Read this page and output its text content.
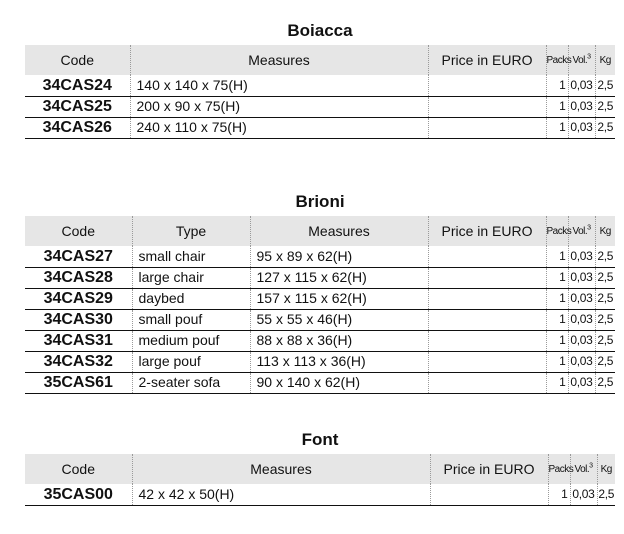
Boiacca
Code	Measures	Price in EURO	Packs	Vol.$^3$	Kg
34CAS24	140 x 140 x 75(H)		1	0,03	2,5
34CAS25	200 x 90 x 75(H)		1	0,03	2,5
34CAS26	240 x 110 x 75(H)		1	0,03	2,5
Brioni
Code	Type	Measures	Price in EURO	Packs	Vol.$^3$	Kg
34CAS27	small chair	95 x 89 x 62(H)		1	0,03	2,5
34CAS28	large chair	127 x 115 x 62(H)		1	0,03	2,5
34CAS29	daybed	157 x 115 x 62(H)		1	0,03	2,5
34CAS30	small pouf	55 x 55 x 46(H)		1	0,03	2,5
34CAS31	medium pouf	88 x 88 x 36(H)		1	0,03	2,5
34CAS32	large pouf	113 x 113 x 36(H)		1	0,03	2,5
35CAS61	2-seater sofa	90 x 140 x 62(H)		1	0,03	2,5
Font
Code	Measures	Price in EURO	Packs	Vol.$^3$	Kg
35CAS00	42 x 42 x 50(H)		1	0,03	2,5
